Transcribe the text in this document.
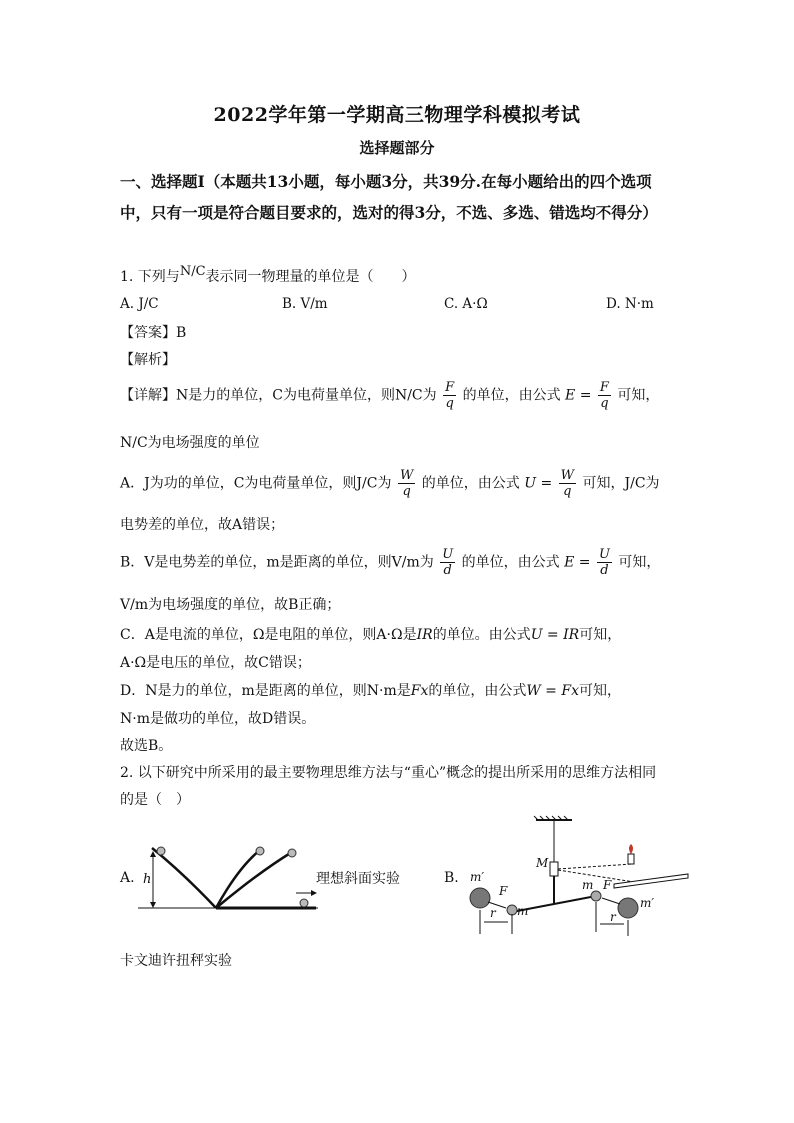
2022学年第一学期高三物理学科模拟考试
选择题部分
一、选择题Ⅰ（本题共13小题，每小题3分，共39分.在每小题给出的四个选项中，只有一项是符合题目要求的，选对的得3分，不选、多选、错选均不得分）
1. 下列与N/C表示同一物理量的单位是（　　）
A. J/C	B. V/m	C. A·Ω	D. N·m
【答案】B
【解析】
【详解】N是力的单位，C为电荷量单位，则N/C为 $\frac{F}{q}$ 的单位，由公式 $E = \frac{F}{q}$ 可知，
N/C为电场强度的单位
A．J为功的单位，C为电荷量单位，则J/C为 $\frac{W}{q}$ 的单位，由公式 $U = \frac{W}{q}$ 可知，J/C为
电势差的单位，故A错误；
B．V是电势差的单位，m是距离的单位，则V/m为 $\frac{U}{d}$ 的单位，由公式 $E = \frac{U}{d}$ 可知，
V/m为电场强度的单位，故B正确；
C．A是电流的单位，Ω是电阻的单位，则A·Ω是IR的单位。由公式U = IR可知，
A·Ω是电压的单位，故C错误；
D．N是力的单位，m是距离的单位，则N·m是Fx的单位，由公式W = Fx可知，
N·m是做功的单位，故D错误。
故选B。
2. 以下研究中所采用的最主要物理思维方法与“重心”概念的提出所采用的思维方法相同
的是（　）
A. h	理想斜面实验	B.
M
m′
m′
F	F
m
m
r	r
卡文迪许扭秤实验
